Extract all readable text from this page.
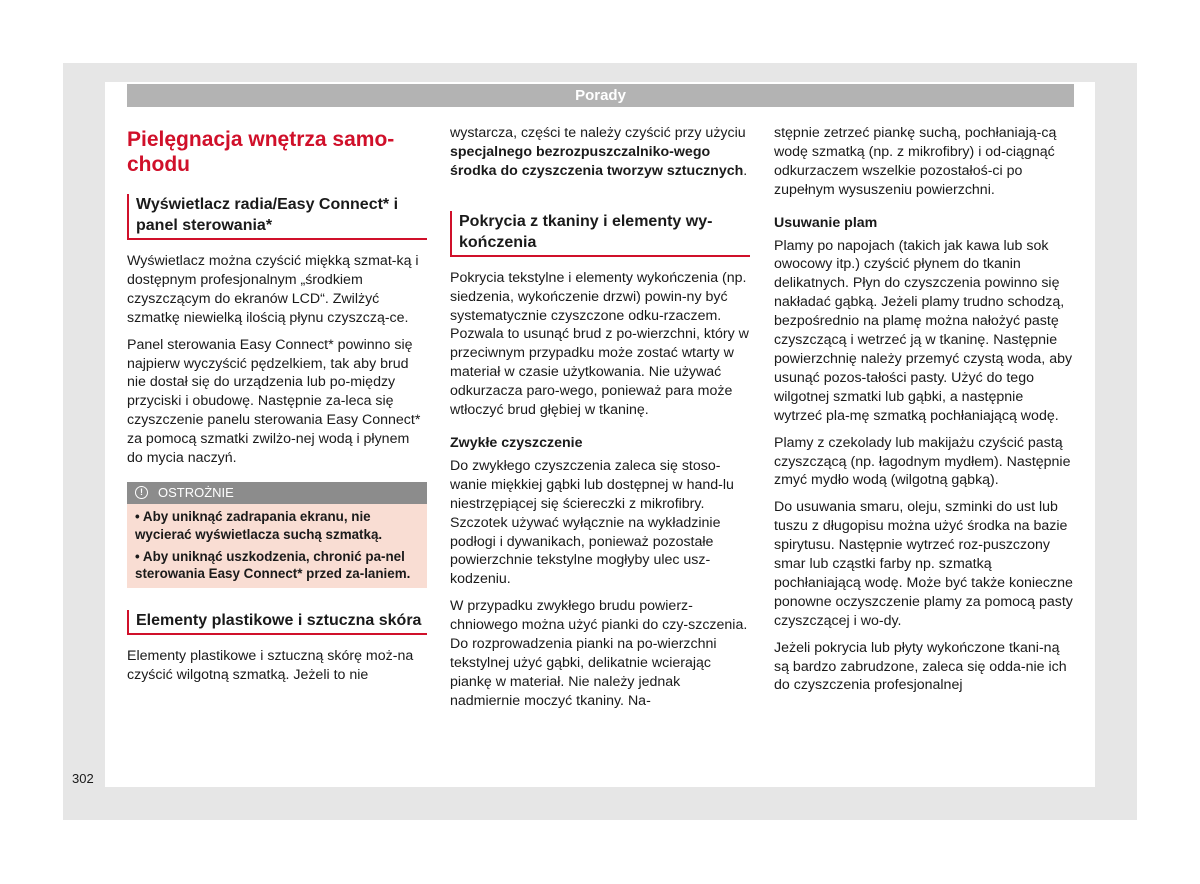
Porady
Pielęgnacja wnętrza samo-chodu
Wyświetlacz radia/Easy Connect* i panel sterowania*

Wyświetlacz można czyścić miękką szmat-ką i dostępnym profesjonalnym „środkiem czyszczącym do ekranów LCD“. Zwilżyć szmatkę niewielką ilością płynu czyszczą-ce.

Panel sterowania Easy Connect* powinno się najpierw wyczyścić pędzelkiem, tak aby brud nie dostał się do urządzenia lub po-między przyciski i obudowę. Następnie za-leca się czyszczenie panelu sterowania Easy Connect* za pomocą szmatki zwilżo-nej wodą i płynem do mycia naczyń.

!	OSTROŻNIE
• Aby uniknąć zadrapania ekranu, nie wycierać wyświetlacza suchą szmatką.
• Aby uniknąć uszkodzenia, chronić pa-nel sterowania Easy Connect* przed za-laniem.
Elementy plastikowe i sztuczna skóra

Elementy plastikowe i sztuczną skórę moż-na czyścić wilgotną szmatką. Jeżeli to nie

wystarcza, części te należy czyścić przy użyciu specjalnego bezrozpuszczalniko-wego środka do czyszczenia tworzyw sztucznych.

Pokrycia z tkaniny i elementy wy-kończenia

Pokrycia tekstylne i elementy wykończenia (np. siedzenia, wykończenie drzwi) powin-ny być systematycznie czyszczone odku-rzaczem. Pozwala to usunąć brud z po-wierzchni, który w przeciwnym przypadku może zostać wtarty w materiał w czasie użytkowania. Nie używać odkurzacza paro-wego, ponieważ para może wtłoczyć brud głębiej w tkaninę.

Zwykłe czyszczenie

Do zwykłego czyszczenia zaleca się stoso-wanie miękkiej gąbki lub dostępnej w hand-lu niestrzępiącej się ściereczki z mikrofibry. Szczotek używać wyłącznie na wykładzinie podłogi i dywanikach, ponieważ pozostałe powierzchnie tekstylne mogłyby ulec usz-kodzeniu.

W przypadku zwykłego brudu powierz-chniowego można użyć pianki do czy-szczenia. Do rozprowadzenia pianki na po-wierzchni tekstylnej użyć gąbki, delikatnie wcierając piankę w materiał. Nie należy jednak nadmiernie moczyć tkaniny. Na-

stępnie zetrzeć piankę suchą, pochłaniają-cą wodę szmatką (np. z mikrofibry) i od-ciągnąć odkurzaczem wszelkie pozostałoś-ci po zupełnym wysuszeniu powierzchni.

Usuwanie plam

Plamy po napojach (takich jak kawa lub sok owocowy itp.) czyścić płynem do tkanin delikatnych. Płyn do czyszczenia powinno się nakładać gąbką. Jeżeli plamy trudno schodzą, bezpośrednio na plamę można nałożyć pastę czyszczącą i wetrzeć ją w tkaninę. Następnie powierzchnię należy przemyć czystą woda, aby usunąć pozos-tałości pasty. Użyć do tego wilgotnej szmatki lub gąbki, a następnie wytrzeć pla-mę szmatką pochłaniającą wodę.

Plamy z czekolady lub makijażu czyścić pastą czyszczącą (np. łagodnym mydłem). Następnie zmyć mydło wodą (wilgotną gąbką).

Do usuwania smaru, oleju, szminki do ust lub tuszu z długopisu można użyć środka na bazie spirytusu. Następnie wytrzeć roz-puszczony smar lub cząstki farby np. szmatką pochłaniającą wodę. Może być także konieczne ponowne oczyszczenie plamy za pomocą pasty czyszczącej i wo-dy.

Jeżeli pokrycia lub płyty wykończone tkani-ną są bardzo zabrudzone, zaleca się odda-nie ich do czyszczenia profesjonalnej

302
